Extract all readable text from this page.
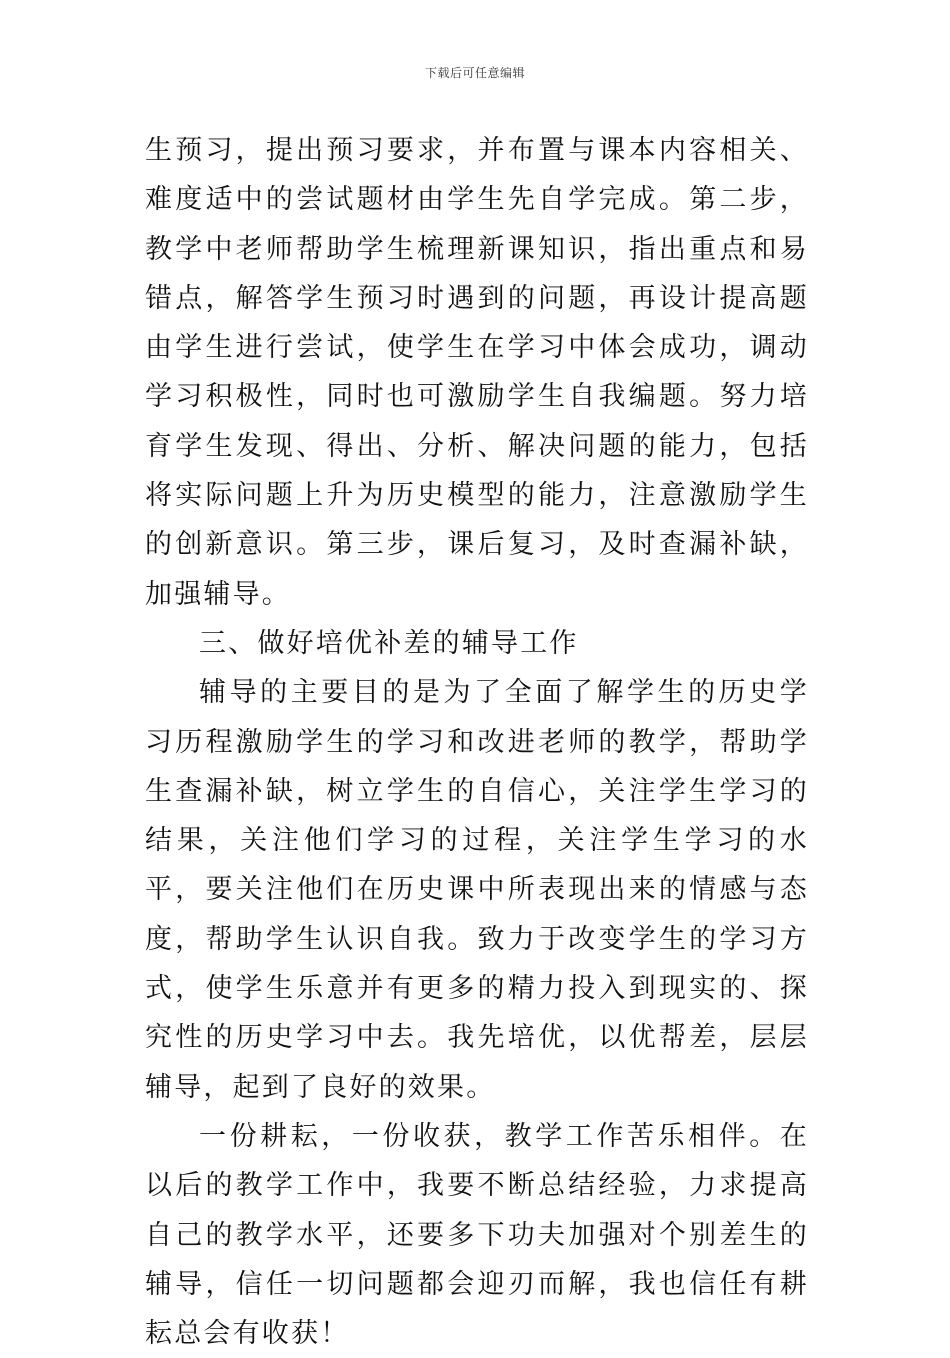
下载后可任意编辑

生预习，提出预习要求，并布置与课本内容相关、难度适中的尝试题材由学生先自学完成。第二步，教学中老师帮助学生梳理新课知识，指出重点和易错点，解答学生预习时遇到的问题，再设计提高题由学生进行尝试，使学生在学习中体会成功，调动学习积极性，同时也可激励学生自我编题。努力培育学生发现、得出、分析、解决问题的能力，包括将实际问题上升为历史模型的能力，注意激励学生的创新意识。第三步，课后复习，及时查漏补缺，加强辅导。

三、做好培优补差的辅导工作

辅导的主要目的是为了全面了解学生的历史学习历程激励学生的学习和改进老师的教学，帮助学生查漏补缺，树立学生的自信心，关注学生学习的结果，关注他们学习的过程，关注学生学习的水平，要关注他们在历史课中所表现出来的情感与态度，帮助学生认识自我。致力于改变学生的学习方式，使学生乐意并有更多的精力投入到现实的、探究性的历史学习中去。我先培优，以优帮差，层层辅导，起到了良好的效果。

一份耕耘，一份收获，教学工作苦乐相伴。在以后的教学工作中，我要不断总结经验，力求提高自己的教学水平，还要多下功夫加强对个别差生的辅导，信任一切问题都会迎刃而解，我也信任有耕耘总会有收获！
